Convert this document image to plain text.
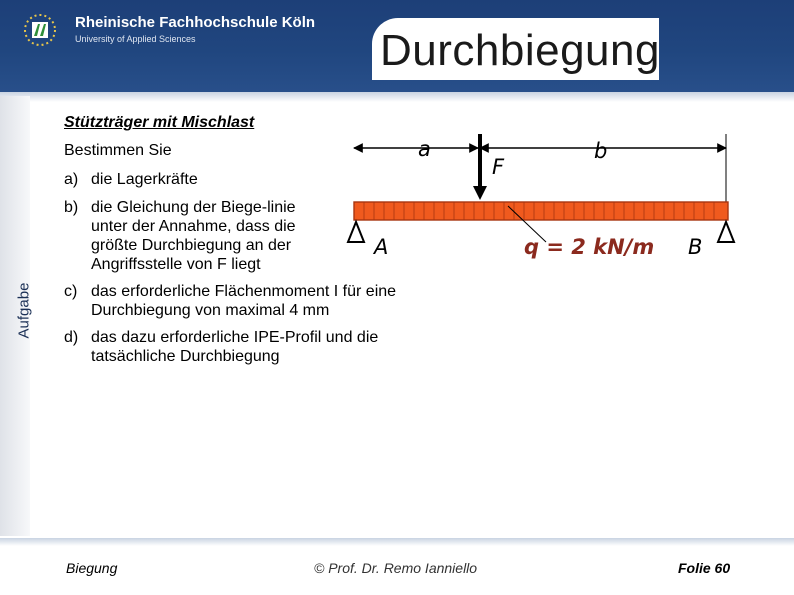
Rheinische Fachhochschule Köln
University of Applied Sciences	Durchbiegung
Aufgabe
Stützträger mit Mischlast
Bestimmen Sie
a) die Lagerkräfte
b) die Gleichung der Biege-linie
unter der Annahme, dass die
größte Durchbiegung an der
Angriffsstelle von F liegt
c) das erforderliche Flächenmoment I für eine
Durchbiegung von maximal 4 mm
d) das dazu erforderliche IPE-Profil und die
tatsächliche Durchbiegung
a	b
F
A	B
q = 2 kN/m
Biegung	© Prof. Dr. Remo Ianniello	Folie 60
